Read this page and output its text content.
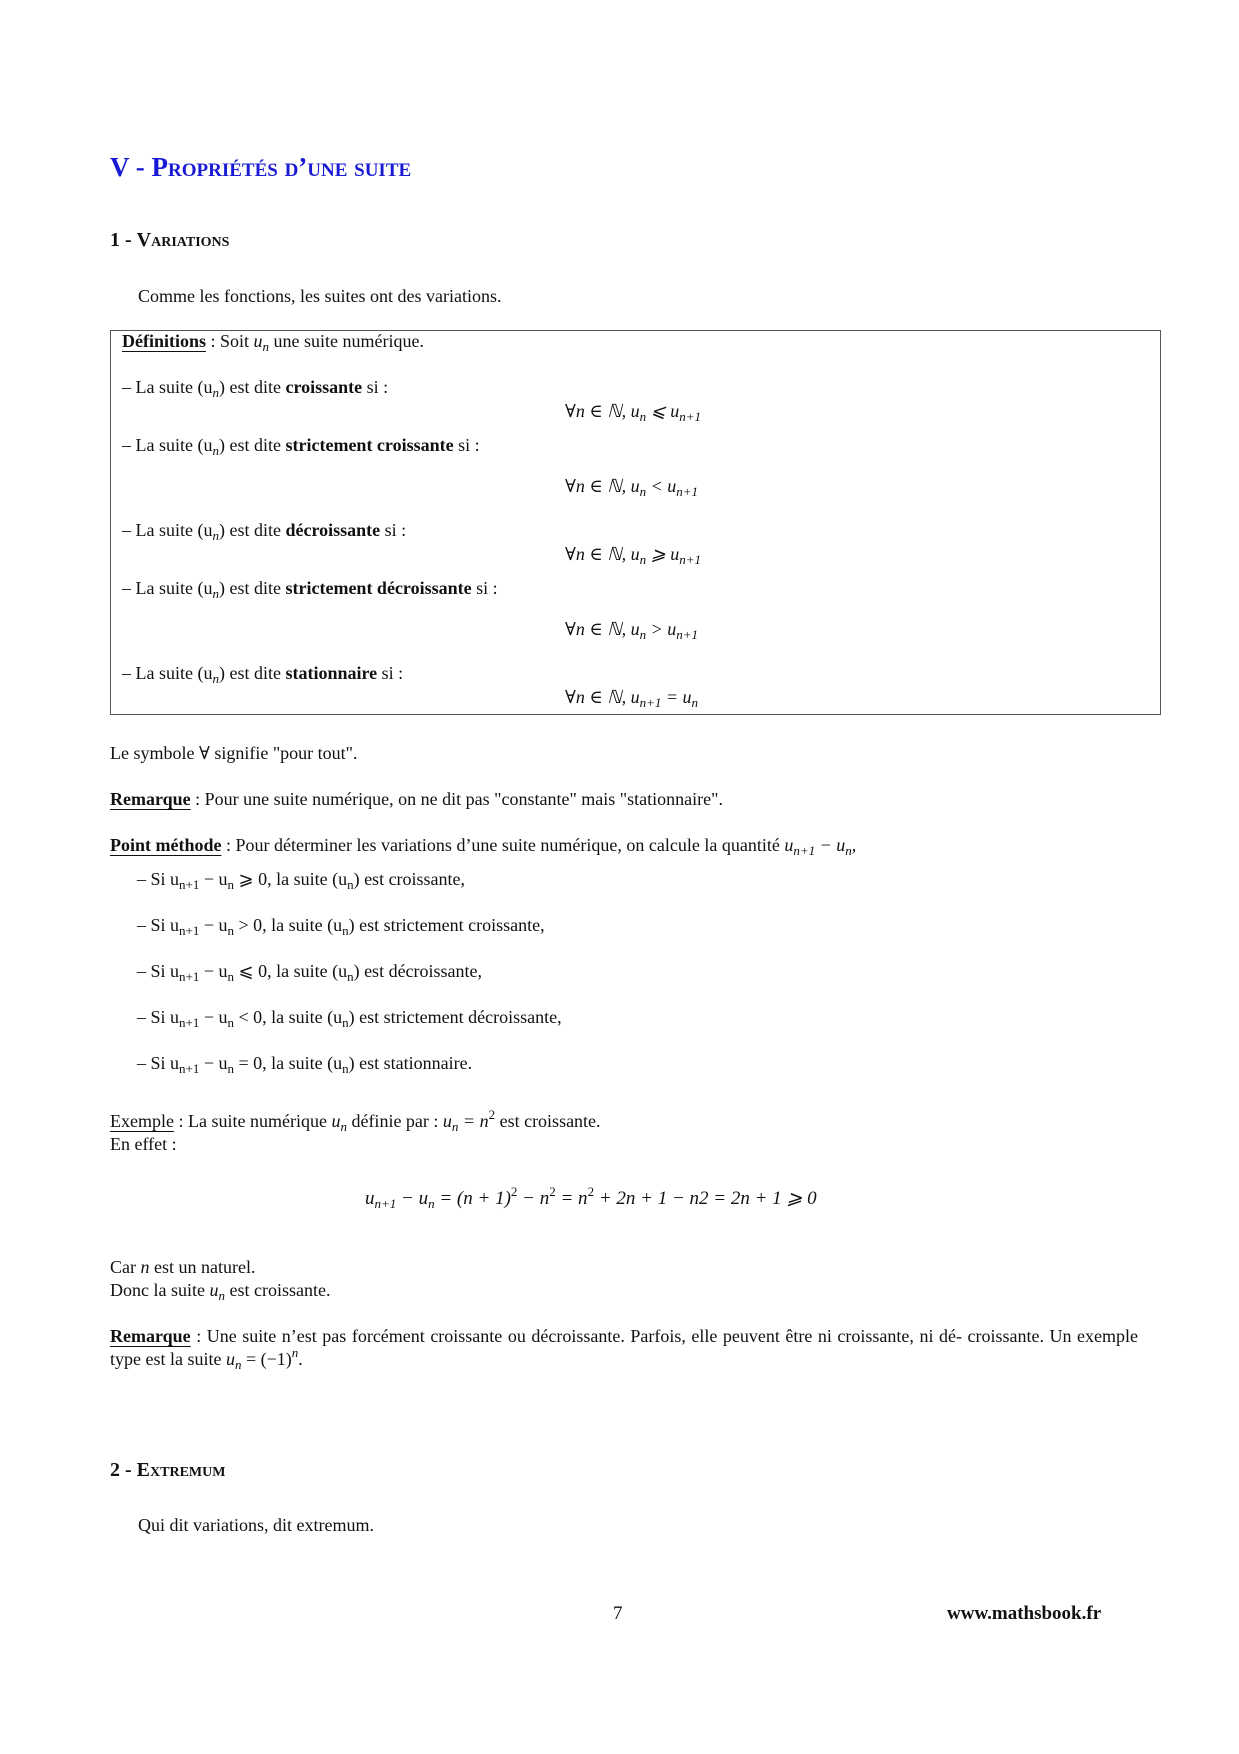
V - Propriétés d’une suite
1 - Variations
Comme les fonctions, les suites ont des variations.
Définitions : Soit $u_n$ une suite numérique.
– La suite $(u_n)$ est dite croissante si :
∀n ∈ ℕ, $u_n$ ⩽ $u_{n+1}$
– La suite $(u_n)$ est dite strictement croissante si :
∀n ∈ ℕ, $u_n < u_{n+1}$
– La suite $(u_n)$ est dite décroissante si :
∀n ∈ ℕ, $u_n$ ⩾ $u_{n+1}$
– La suite $(u_n)$ est dite strictement décroissante si :
∀n ∈ ℕ, $u_n > u_{n+1}$
– La suite $(u_n)$ est dite stationnaire si :
∀n ∈ ℕ, $u_{n+1} = u_n$
Le symbole ∀ signifie "pour tout".
Remarque : Pour une suite numérique, on ne dit pas "constante" mais "stationnaire".
Point méthode : Pour déterminer les variations d’une suite numérique, on calcule la quantité $u_{n+1} - u_n$,
– Si $u_{n+1} - u_n$ ⩾ 0, la suite $(u_n)$ est croissante,
– Si $u_{n+1} - u_n > 0$, la suite $(u_n)$ est strictement croissante,
– Si $u_{n+1} - u_n$ ⩽ 0, la suite $(u_n)$ est décroissante,
– Si $u_{n+1} - u_n < 0$, la suite $(u_n)$ est strictement décroissante,
– Si $u_{n+1} - u_n = 0$, la suite $(u_n)$ est stationnaire.
Exemple : La suite numérique $u_n$ définie par : $u_n = n^2$ est croissante.
En effet :
$u_{n+1} - u_n = (n + 1)^2 - n^2 = n^2 + 2n + 1 - n2 = 2n + 1$ ⩾ 0
Car n est un naturel.
Donc la suite $u_n$ est croissante.
Remarque : Une suite n’est pas forcément croissante ou décroissante. Parfois, elle peuvent être ni croissante, ni dé- croissante. Un exemple type est la suite $u_n = (-1)^n$.
2 - Extremum
Qui dit variations, dit extremum.
7	www.mathsbook.fr
